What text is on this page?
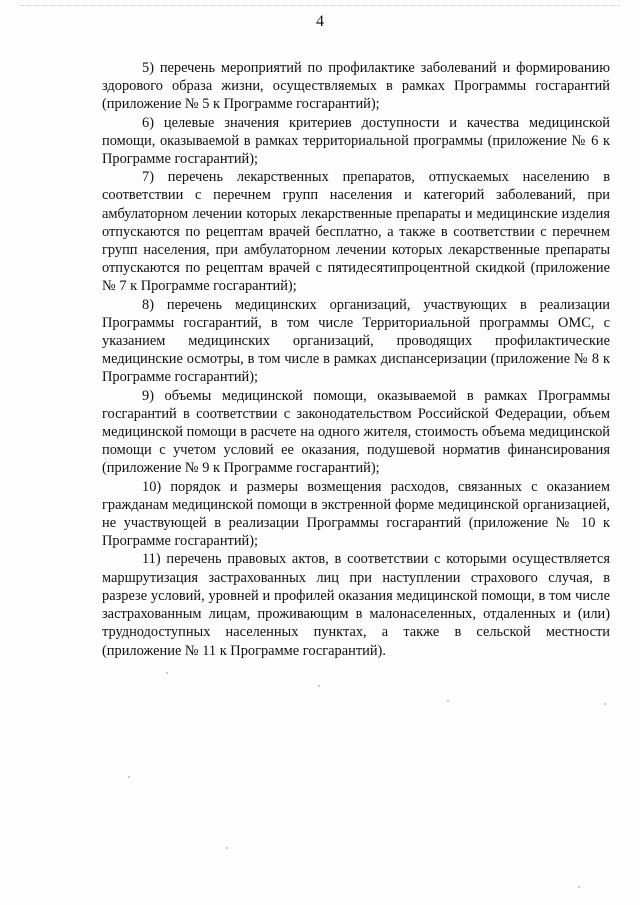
4

5) перечень мероприятий по профилактике заболеваний и формированию здорового образа жизни, осуществляемых в рамках Программы госгарантий (приложение № 5 к Программе госгарантий);

6) целевые значения критериев доступности и качества медицинской помощи, оказываемой в рамках территориальной программы (приложение № 6 к Программе госгарантий);

7) перечень лекарственных препаратов, отпускаемых населению в соответствии с перечнем групп населения и категорий заболеваний, при амбулаторном лечении которых лекарственные препараты и медицинские изделия отпускаются по рецептам врачей бесплатно, а также в соответствии с перечнем групп населения, при амбулаторном лечении которых лекарственные препараты отпускаются по рецептам врачей с пятидесятипроцентной скидкой (приложение № 7 к Программе госгарантий);

8) перечень медицинских организаций, участвующих в реализации Программы госгарантий, в том числе Территориальной программы ОМС, с указанием медицинских организаций, проводящих профилактические медицинские осмотры, в том числе в рамках диспансеризации (приложение № 8 к Программе госгарантий);

9) объемы медицинской помощи, оказываемой в рамках Программы госгарантий в соответствии с законодательством Российской Федерации, объем медицинской помощи в расчете на одного жителя, стоимость объема медицинской помощи с учетом условий ее оказания, подушевой норматив финансирования (приложение № 9 к Программе госгарантий);

10) порядок и размеры возмещения расходов, связанных с оказанием гражданам медицинской помощи в экстренной форме медицинской организацией, не участвующей в реализации Программы госгарантий (приложение № 10 к Программе госгарантий);

11) перечень правовых актов, в соответствии с которыми осуществляется маршрутизация застрахованных лиц при наступлении страхового случая, в разрезе условий, уровней и профилей оказания медицинской помощи, в том числе застрахованным лицам, проживающим в малонаселенных, отдаленных и (или) труднодоступных населенных пунктах, а также в сельской местности (приложение № 11 к Программе госгарантий).
